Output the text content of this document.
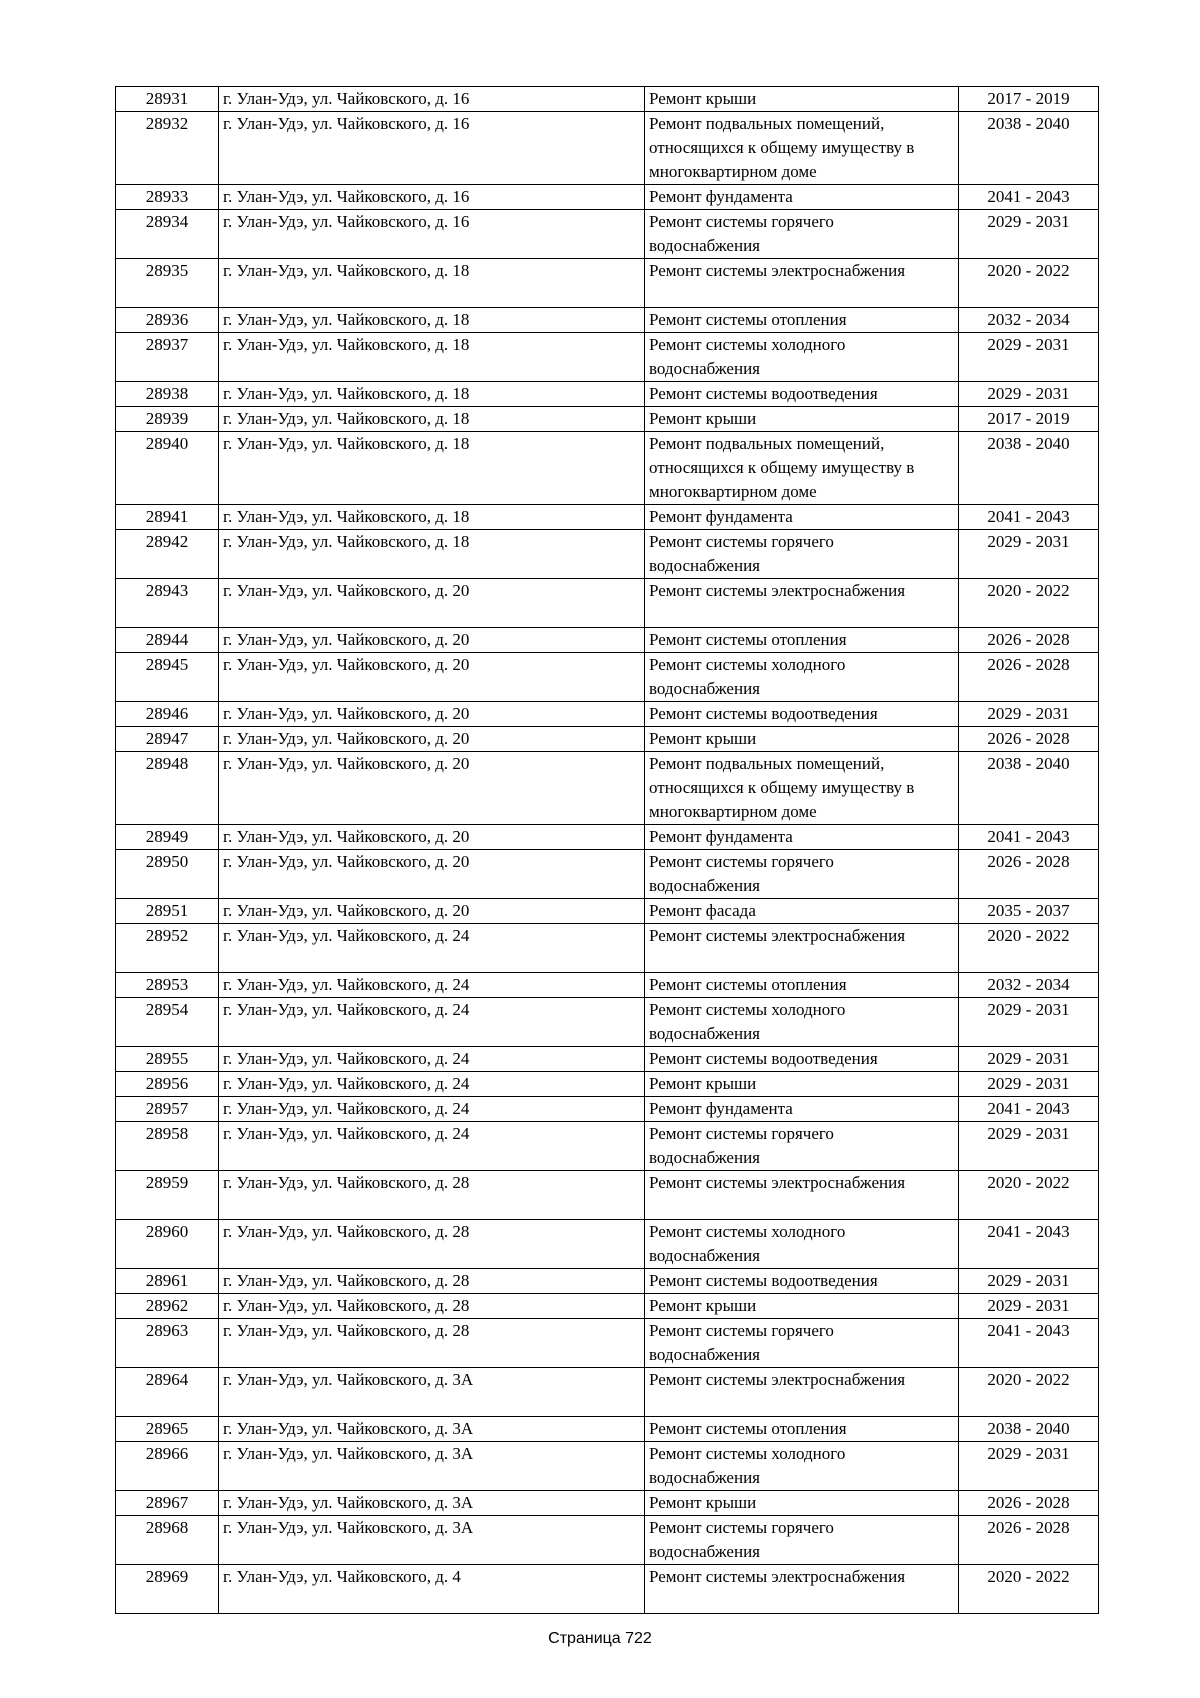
28931	г. Улан-Удэ, ул. Чайковского, д. 16	Ремонт крыши	2017 - 2019
28932	г. Улан-Удэ, ул. Чайковского, д. 16	Ремонт подвальных помещений,
относящихся к общему имуществу в
многоквартирном доме	2038 - 2040
28933	г. Улан-Удэ, ул. Чайковского, д. 16	Ремонт фундамента	2041 - 2043
28934	г. Улан-Удэ, ул. Чайковского, д. 16	Ремонт системы горячего
водоснабжения	2029 - 2031
28935	г. Улан-Удэ, ул. Чайковского, д. 18	Ремонт системы электроснабжения	2020 - 2022
28936	г. Улан-Удэ, ул. Чайковского, д. 18	Ремонт системы отопления	2032 - 2034
28937	г. Улан-Удэ, ул. Чайковского, д. 18	Ремонт системы холодного
водоснабжения	2029 - 2031
28938	г. Улан-Удэ, ул. Чайковского, д. 18	Ремонт системы водоотведения	2029 - 2031
28939	г. Улан-Удэ, ул. Чайковского, д. 18	Ремонт крыши	2017 - 2019
28940	г. Улан-Удэ, ул. Чайковского, д. 18	Ремонт подвальных помещений,
относящихся к общему имуществу в
многоквартирном доме	2038 - 2040
28941	г. Улан-Удэ, ул. Чайковского, д. 18	Ремонт фундамента	2041 - 2043
28942	г. Улан-Удэ, ул. Чайковского, д. 18	Ремонт системы горячего
водоснабжения	2029 - 2031
28943	г. Улан-Удэ, ул. Чайковского, д. 20	Ремонт системы электроснабжения	2020 - 2022
28944	г. Улан-Удэ, ул. Чайковского, д. 20	Ремонт системы отопления	2026 - 2028
28945	г. Улан-Удэ, ул. Чайковского, д. 20	Ремонт системы холодного
водоснабжения	2026 - 2028
28946	г. Улан-Удэ, ул. Чайковского, д. 20	Ремонт системы водоотведения	2029 - 2031
28947	г. Улан-Удэ, ул. Чайковского, д. 20	Ремонт крыши	2026 - 2028
28948	г. Улан-Удэ, ул. Чайковского, д. 20	Ремонт подвальных помещений,
относящихся к общему имуществу в
многоквартирном доме	2038 - 2040
28949	г. Улан-Удэ, ул. Чайковского, д. 20	Ремонт фундамента	2041 - 2043
28950	г. Улан-Удэ, ул. Чайковского, д. 20	Ремонт системы горячего
водоснабжения	2026 - 2028
28951	г. Улан-Удэ, ул. Чайковского, д. 20	Ремонт фасада	2035 - 2037
28952	г. Улан-Удэ, ул. Чайковского, д. 24	Ремонт системы электроснабжения	2020 - 2022
28953	г. Улан-Удэ, ул. Чайковского, д. 24	Ремонт системы отопления	2032 - 2034
28954	г. Улан-Удэ, ул. Чайковского, д. 24	Ремонт системы холодного
водоснабжения	2029 - 2031
28955	г. Улан-Удэ, ул. Чайковского, д. 24	Ремонт системы водоотведения	2029 - 2031
28956	г. Улан-Удэ, ул. Чайковского, д. 24	Ремонт крыши	2029 - 2031
28957	г. Улан-Удэ, ул. Чайковского, д. 24	Ремонт фундамента	2041 - 2043
28958	г. Улан-Удэ, ул. Чайковского, д. 24	Ремонт системы горячего
водоснабжения	2029 - 2031
28959	г. Улан-Удэ, ул. Чайковского, д. 28	Ремонт системы электроснабжения	2020 - 2022
28960	г. Улан-Удэ, ул. Чайковского, д. 28	Ремонт системы холодного
водоснабжения	2041 - 2043
28961	г. Улан-Удэ, ул. Чайковского, д. 28	Ремонт системы водоотведения	2029 - 2031
28962	г. Улан-Удэ, ул. Чайковского, д. 28	Ремонт крыши	2029 - 2031
28963	г. Улан-Удэ, ул. Чайковского, д. 28	Ремонт системы горячего
водоснабжения	2041 - 2043
28964	г. Улан-Удэ, ул. Чайковского, д. 3А	Ремонт системы электроснабжения	2020 - 2022
28965	г. Улан-Удэ, ул. Чайковского, д. 3А	Ремонт системы отопления	2038 - 2040
28966	г. Улан-Удэ, ул. Чайковского, д. 3А	Ремонт системы холодного
водоснабжения	2029 - 2031
28967	г. Улан-Удэ, ул. Чайковского, д. 3А	Ремонт крыши	2026 - 2028
28968	г. Улан-Удэ, ул. Чайковского, д. 3А	Ремонт системы горячего
водоснабжения	2026 - 2028
28969	г. Улан-Удэ, ул. Чайковского, д. 4	Ремонт системы электроснабжения	2020 - 2022
Страница 722
